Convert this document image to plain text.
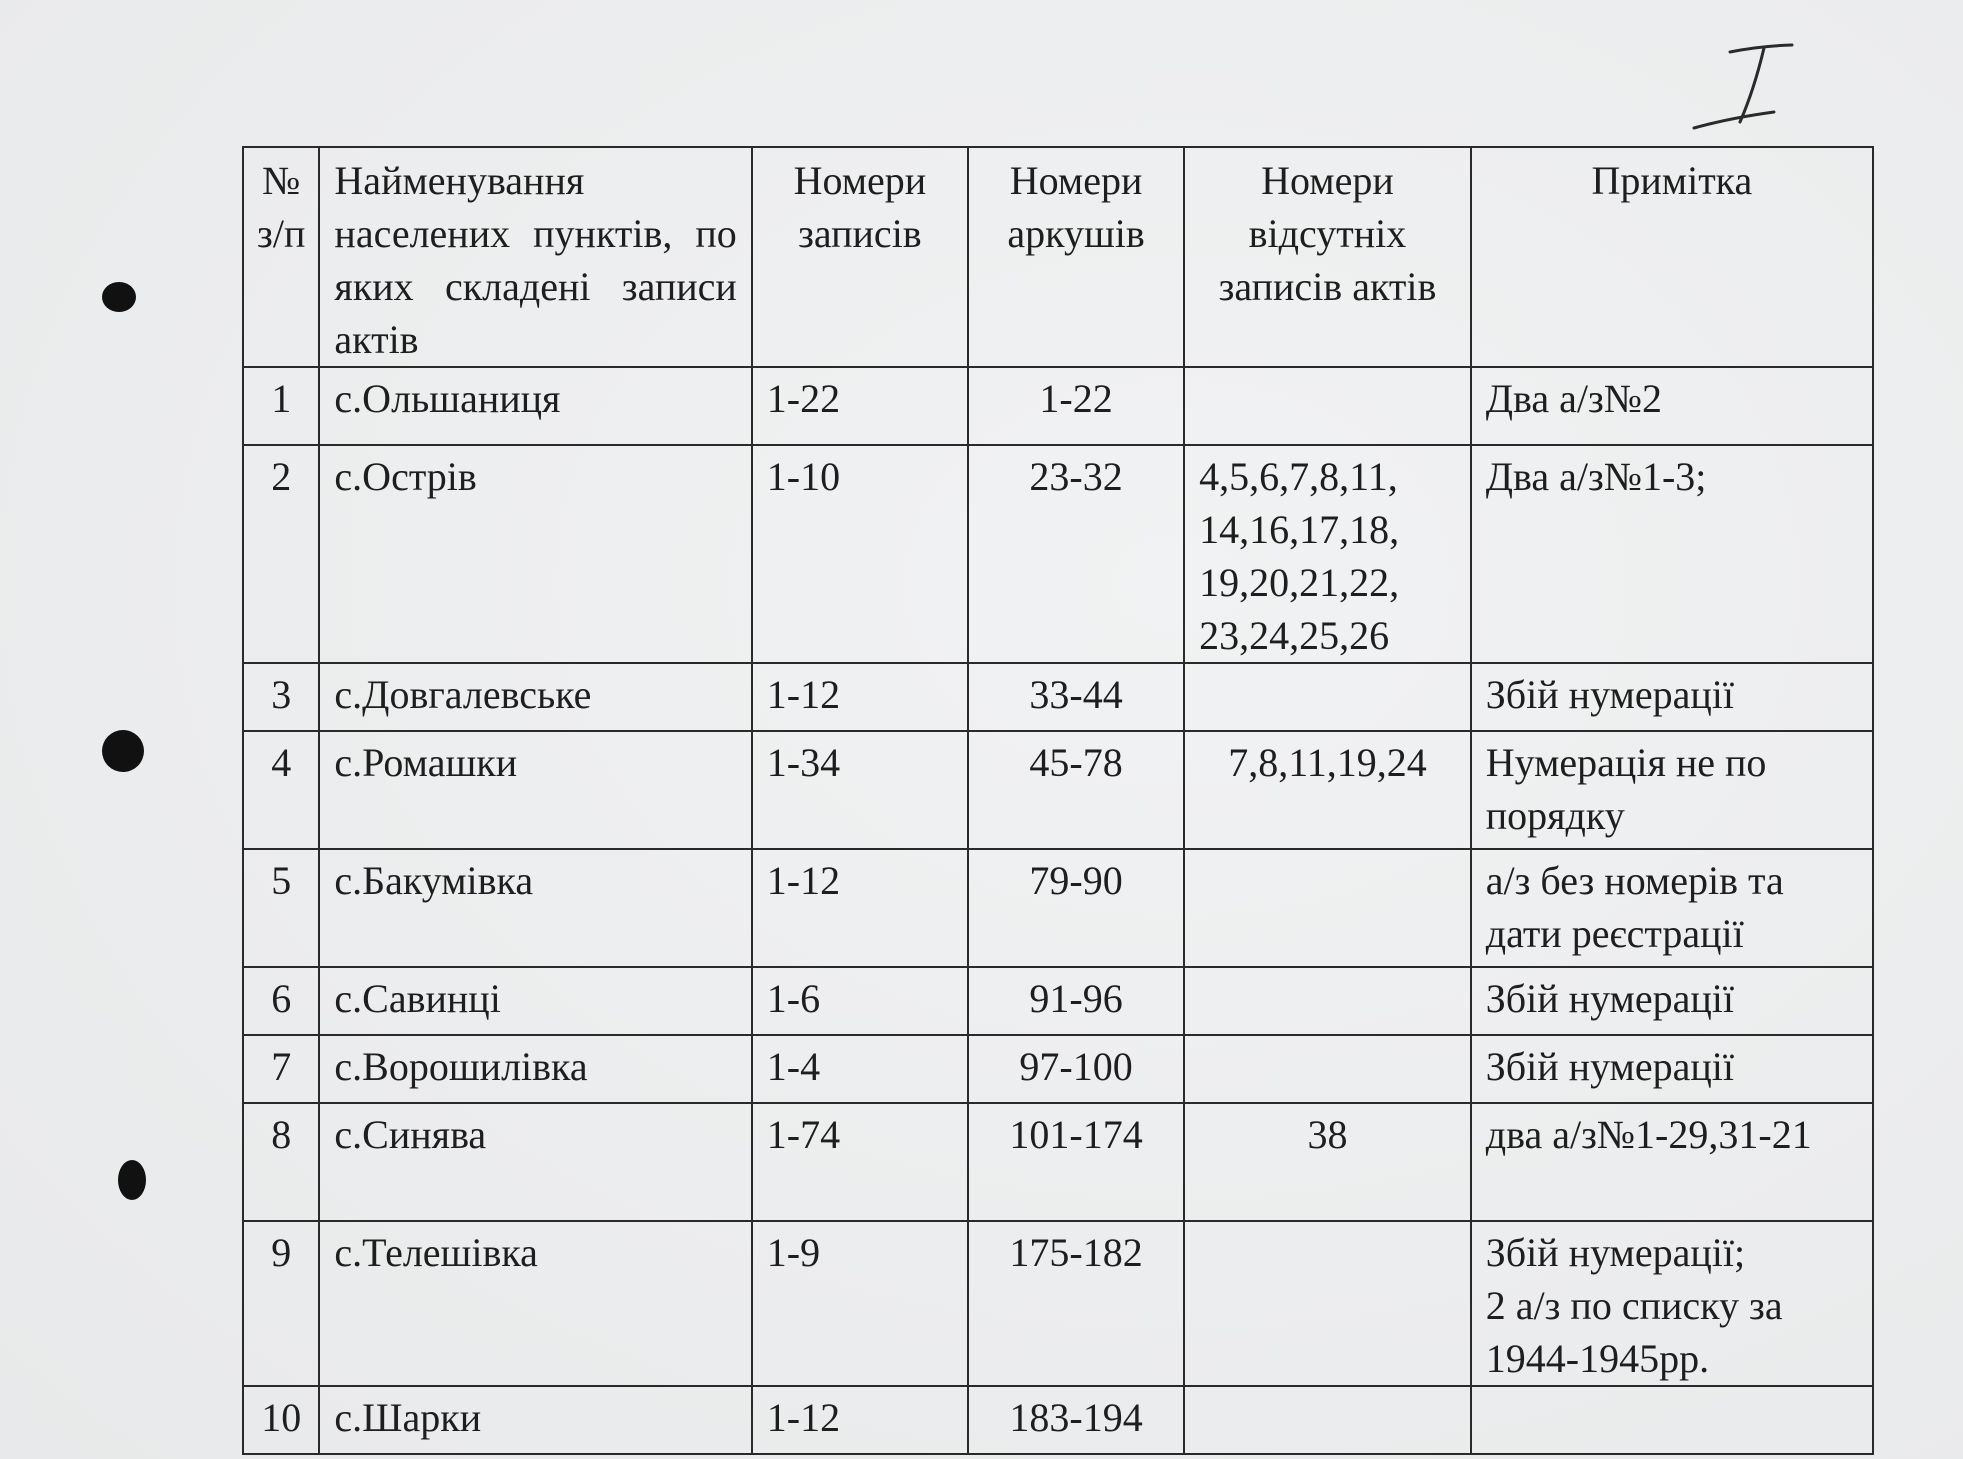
№ з/п	Найменування населених пунктів, по яких складені записи актів	Номери записів	Номери аркушів	Номери відсутніх записів актів	Примітка
1	с.Ольшаниця	1-22	1-22		Два а/з№2
2	с.Острів	1-10	23-32	4,5,6,7,8,11,
14,16,17,18,
19,20,21,22,
23,24,25,26	Два а/з№1-3;
3	с.Довгалевське	1-12	33-44		Збій нумерації
4	с.Ромашки	1-34	45-78	7,8,11,19,24	Нумерація не по порядку
5	с.Бакумівка	1-12	79-90		а/з без номерів та дати реєстрації
6	с.Савинці	1-6	91-96		Збій нумерації
7	с.Ворошилівка	1-4	97-100		Збій нумерації
8	с.Синява	1-74	101-174	38	два а/з№1-29,31-21
9	с.Телешівка	1-9	175-182		Збій нумерації;
2 а/з по списку за 1944-1945рр.
10	с.Шарки	1-12	183-194		
